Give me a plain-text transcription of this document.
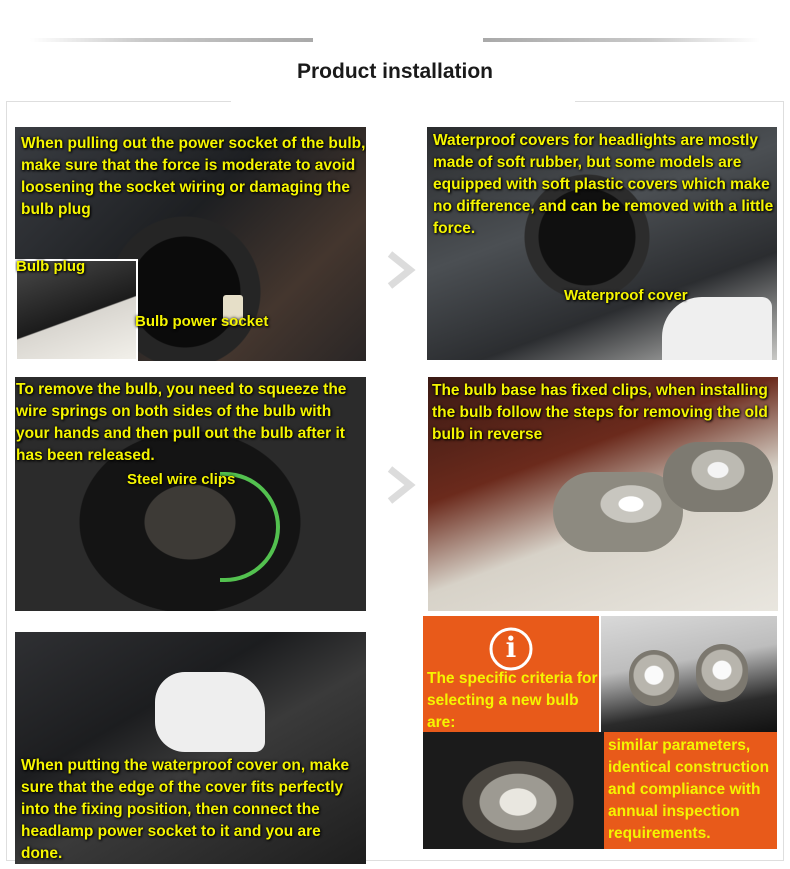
Product installation
When pulling out the power socket of the bulb, make sure that the force is moderate to avoid loosening the socket wiring or damaging the bulb plug
Bulb plug
Bulb power socket
Waterproof covers for headlights are mostly made of soft rubber, but some models are equipped with soft plastic covers which make no difference, and can be removed with a little force.
Waterproof cover
To remove the bulb, you need to squeeze the wire springs on both sides of the bulb with your hands and then pull out the bulb after it has been released.
Steel wire clips
The bulb base has fixed clips, when installing the bulb follow the steps for removing the old bulb in reverse
When putting the waterproof cover on, make sure that the edge of the cover fits perfectly into the fixing position, then connect the headlamp power socket to it and you are done.
i
The specific criteria for selecting a new bulb are:
similar parameters, identical construction and compliance with annual inspection requirements.
